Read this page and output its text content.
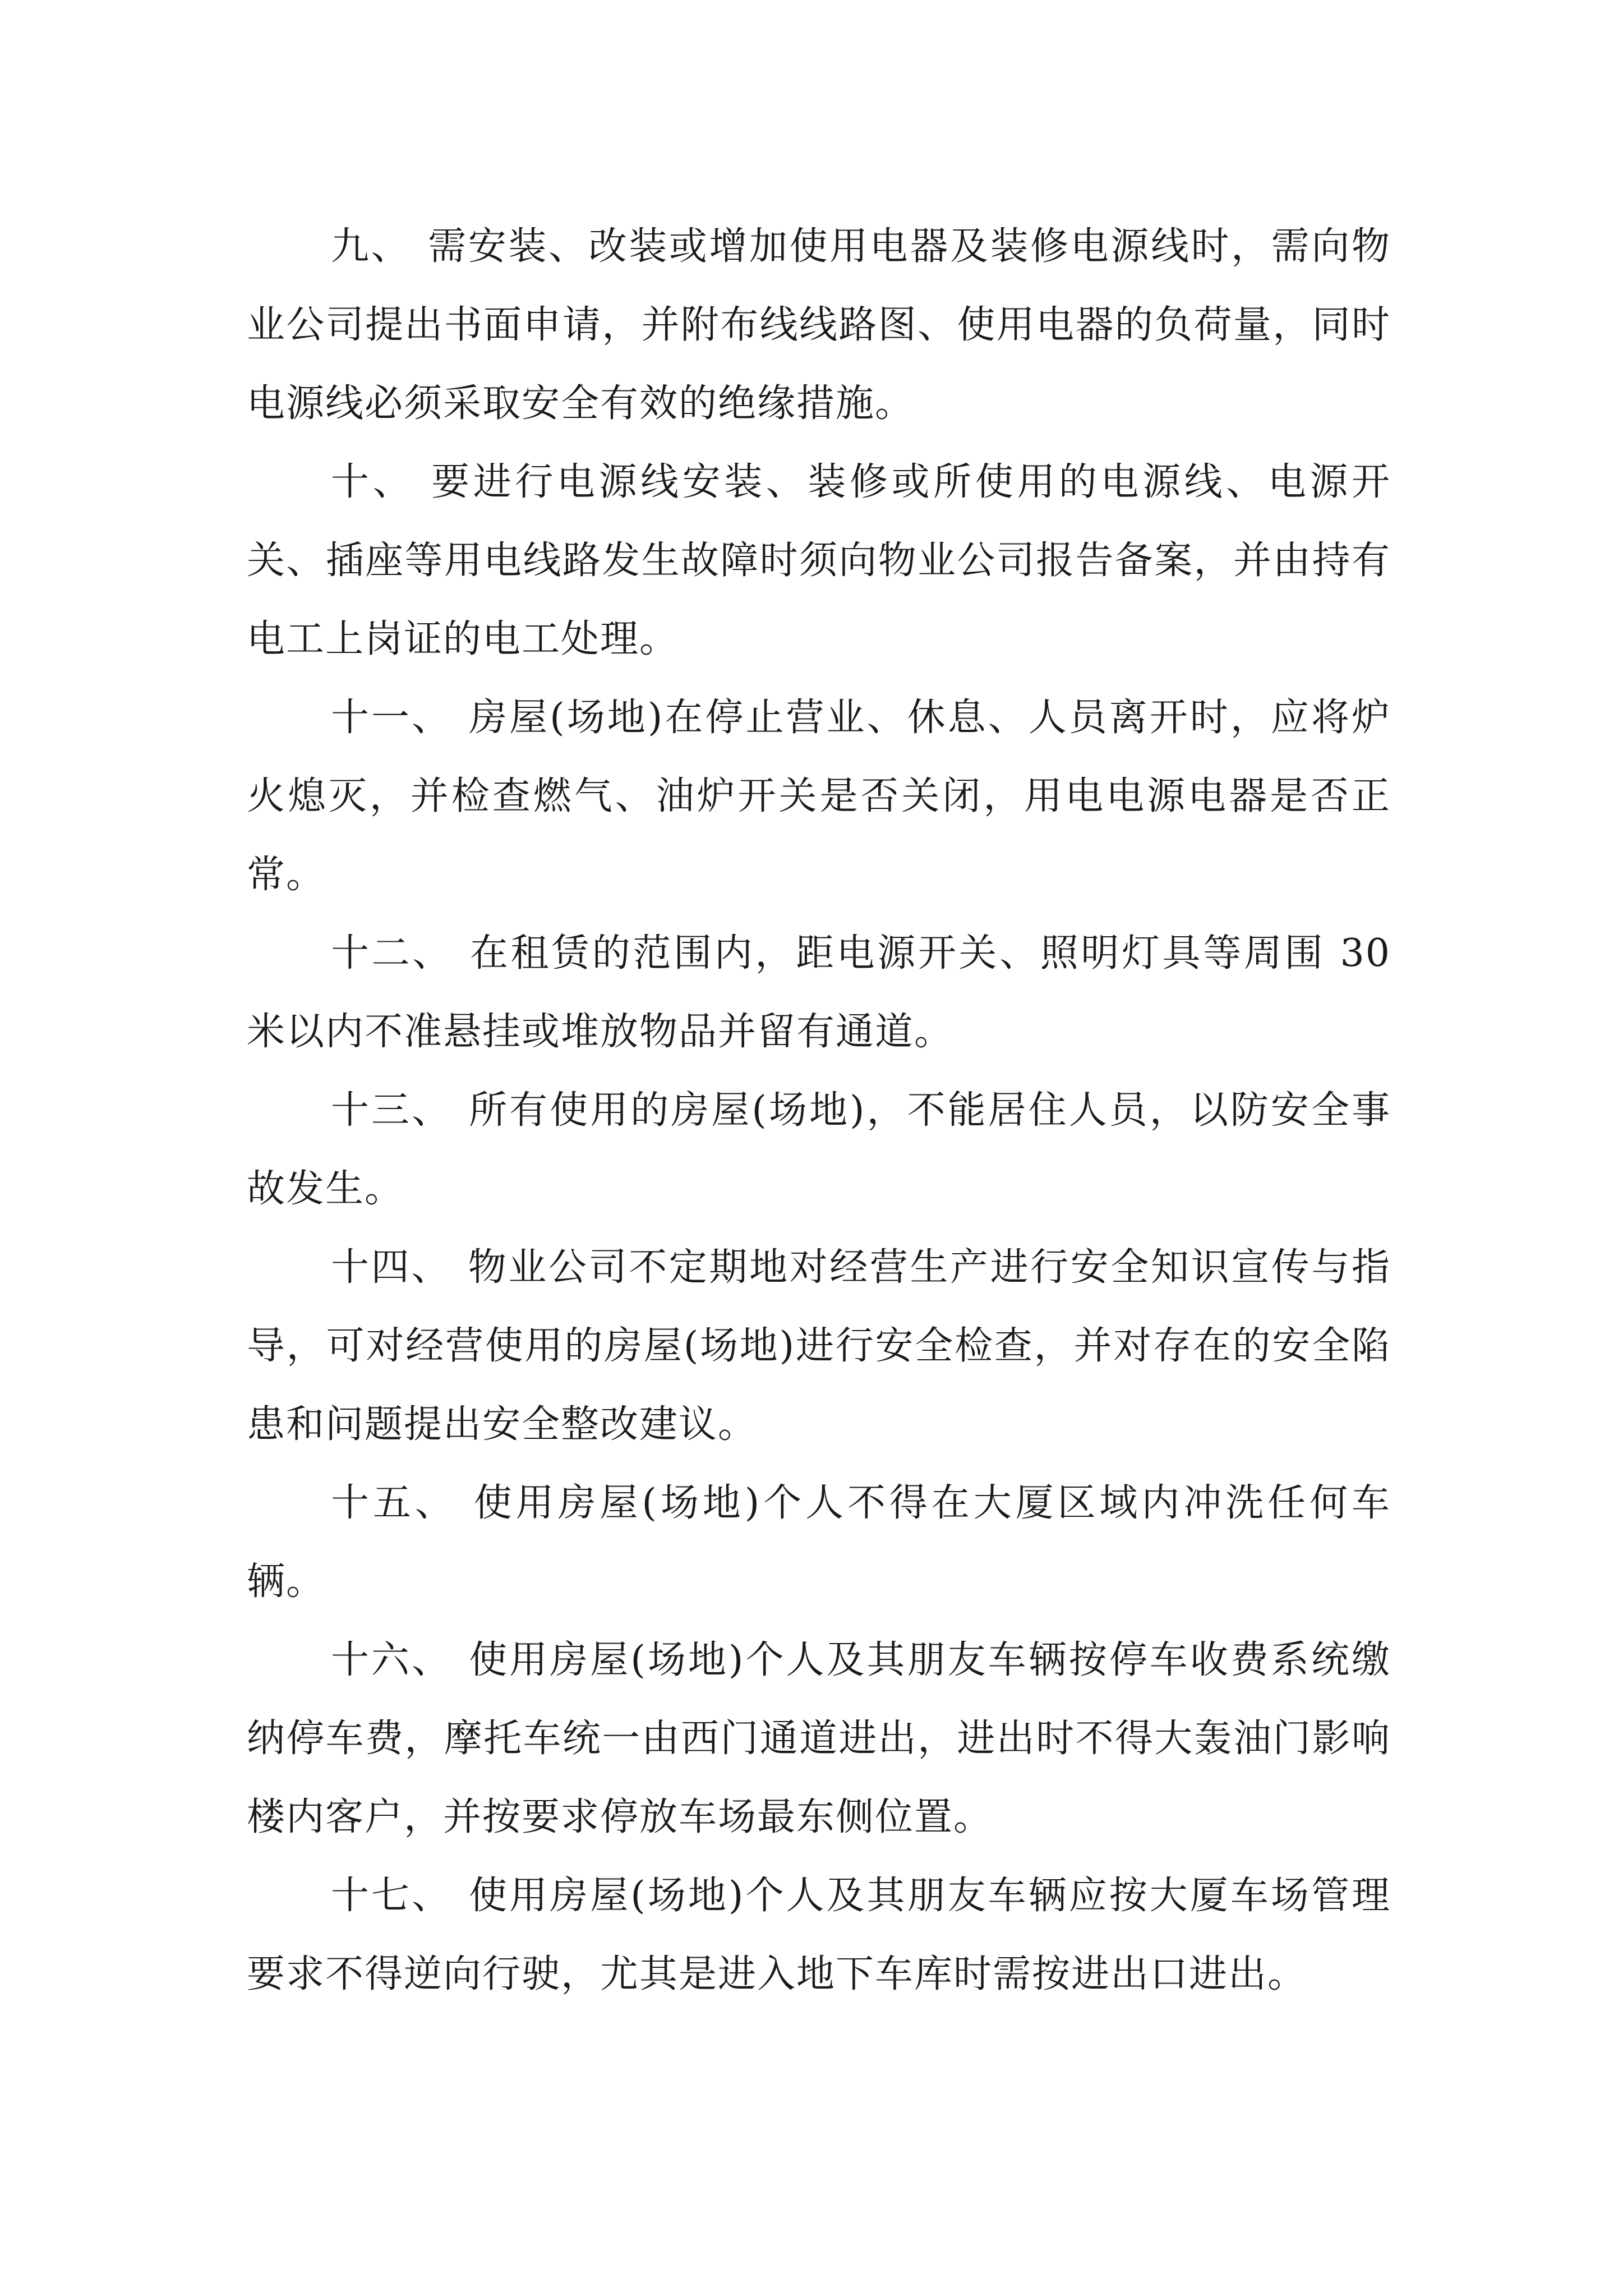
九、 需安装、改装或增加使用电器及装修电源线时，需向物业公司提出书面申请，并附布线线路图、使用电器的负荷量，同时电源线必须采取安全有效的绝缘措施。

十、 要进行电源线安装、装修或所使用的电源线、电源开关、插座等用电线路发生故障时须向物业公司报告备案，并由持有电工上岗证的电工处理。

十一、 房屋(场地)在停止营业、休息、人员离开时，应将炉火熄灭，并检查燃气、油炉开关是否关闭，用电电源电器是否正常。

十二、 在租赁的范围内，距电源开关、照明灯具等周围 30 米以内不准悬挂或堆放物品并留有通道。

十三、 所有使用的房屋(场地)，不能居住人员，以防安全事故发生。

十四、 物业公司不定期地对经营生产进行安全知识宣传与指导，可对经营使用的房屋(场地)进行安全检查，并对存在的安全陷患和问题提出安全整改建议。

十五、 使用房屋(场地)个人不得在大厦区域内冲洗任何车辆。

十六、 使用房屋(场地)个人及其朋友车辆按停车收费系统缴纳停车费，摩托车统一由西门通道进出，进出时不得大轰油门影响楼内客户，并按要求停放车场最东侧位置。

十七、 使用房屋(场地)个人及其朋友车辆应按大厦车场管理要求不得逆向行驶，尤其是进入地下车库时需按进出口进出。
